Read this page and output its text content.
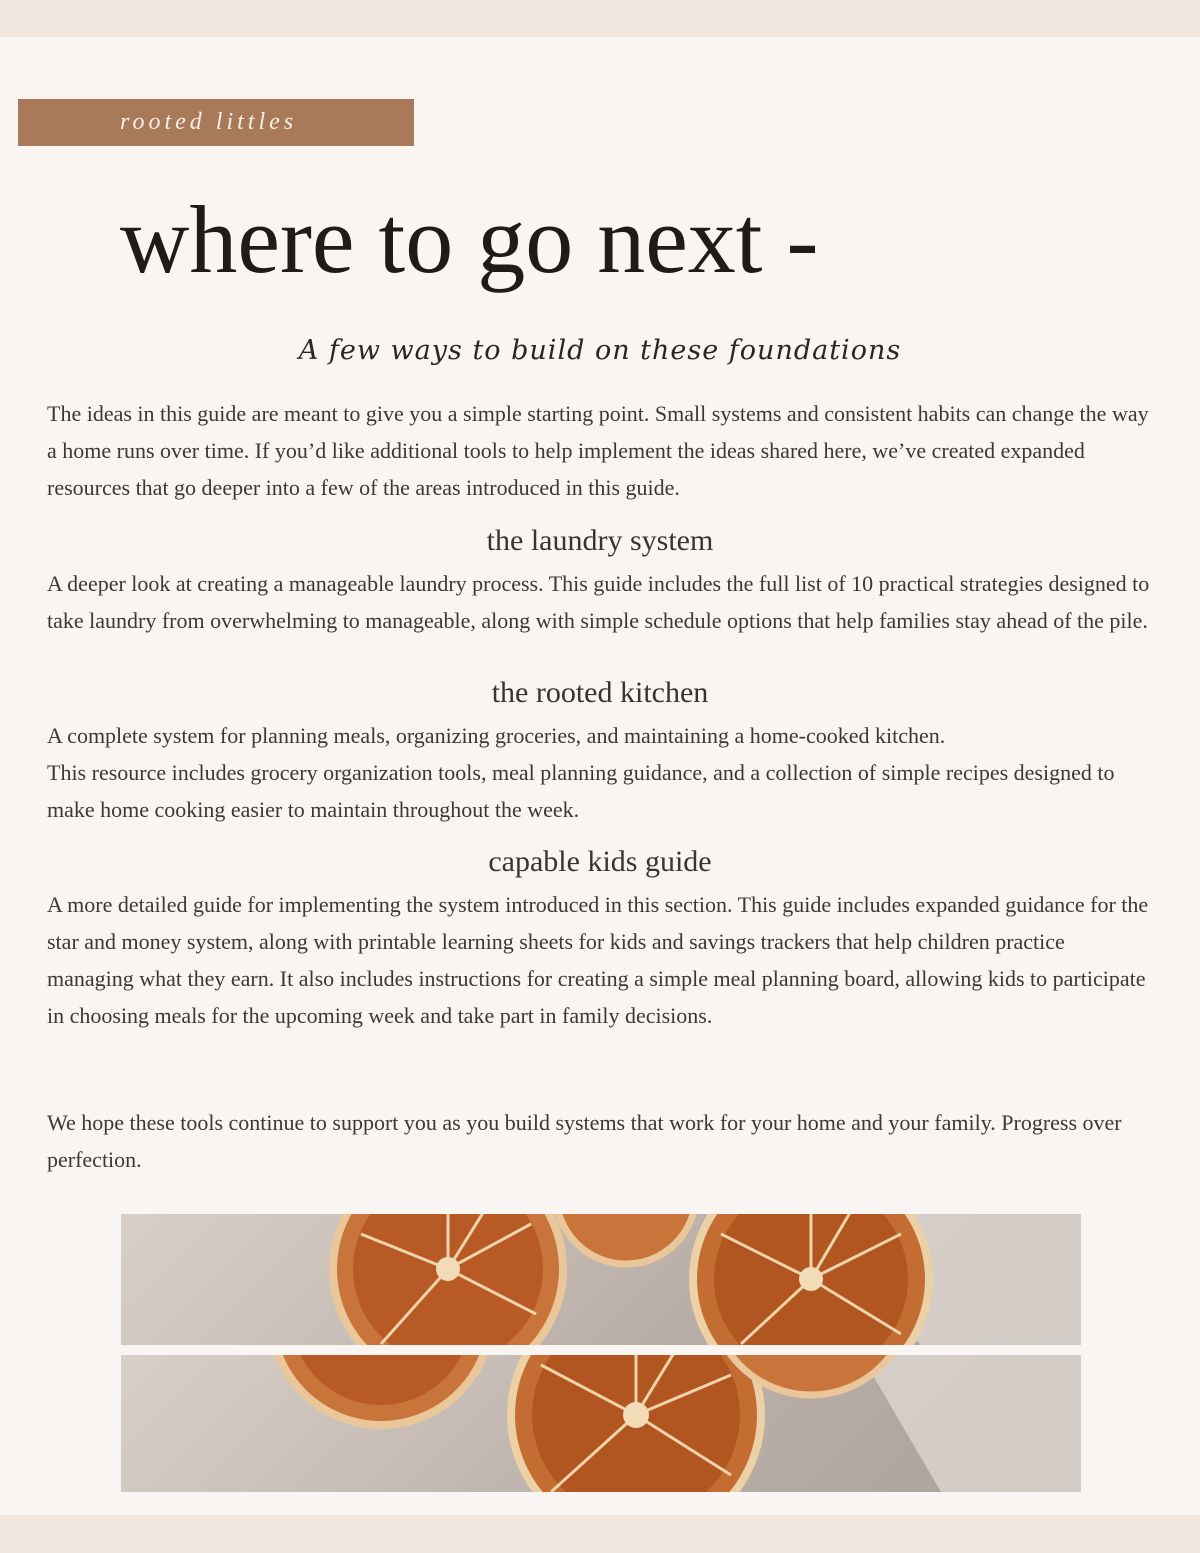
rooted littles
where to go next -
A few ways to build on these foundations

The ideas in this guide are meant to give you a simple starting point. Small systems and consistent habits can change the way a home runs over time. If you’d like additional tools to help implement the ideas shared here, we’ve created expanded resources that go deeper into a few of the areas introduced in this guide.

the laundry system

A deeper look at creating a manageable laundry process. This guide includes the full list of 10 practical strategies designed to take laundry from overwhelming to manageable, along with simple schedule options that help families stay ahead of the pile.

the rooted kitchen

A complete system for planning meals, organizing groceries, and maintaining a home-cooked kitchen.

This resource includes grocery organization tools, meal planning guidance, and a collection of simple recipes designed to make home cooking easier to maintain throughout the week.

capable kids guide

A more detailed guide for implementing the system introduced in this section. This guide includes expanded guidance for the star and money system, along with printable learning sheets for kids and savings trackers that help children practice managing what they earn. It also includes instructions for creating a simple meal planning board, allowing kids to participate in choosing meals for the upcoming week and take part in family decisions.

We hope these tools continue to support you as you build systems that work for your home and your family. Progress over perfection.
